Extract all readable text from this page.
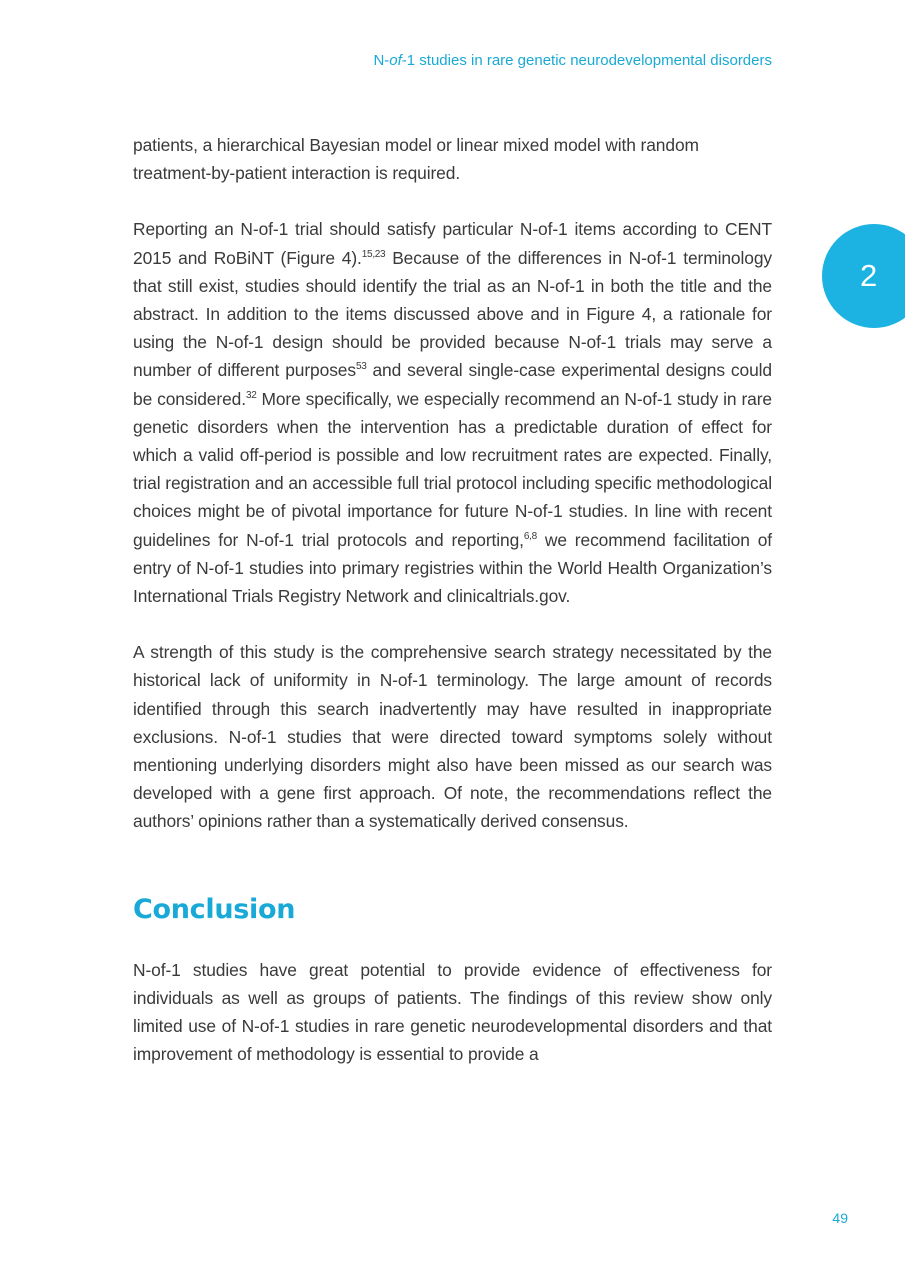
N-of-1 studies in rare genetic neurodevelopmental disorders
2

patients, a hierarchical Bayesian model or linear mixed model with random treatment-by-patient interaction is required.

Reporting an N-of-1 trial should satisfy particular N-of-1 items according to CENT 2015 and RoBiNT (Figure 4).$^{15,23}$ Because of the differences in N-of-1 terminology that still exist, studies should identify the trial as an N-of-1 in both the title and the abstract. In addition to the items discussed above and in Figure 4, a rationale for using the N-of-1 design should be provided because N-of-1 trials may serve a number of different purposes$^{53}$ and several single-case experimental designs could be considered.$^{32}$ More specifically, we especially recommend an N-of-1 study in rare genetic disorders when the intervention has a predictable duration of effect for which a valid off-period is possible and low recruitment rates are expected. Finally, trial registration and an accessible full trial protocol including specific methodological choices might be of pivotal importance for future N-of-1 studies. In line with recent guidelines for N-of-1 trial protocols and reporting,$^{6,8}$ we recommend facilitation of entry of N-of-1 studies into primary registries within the World Health Organization’s International Trials Registry Network and clinicaltrials.gov.

A strength of this study is the comprehensive search strategy necessitated by the historical lack of uniformity in N-of-1 terminology. The large amount of records identified through this search inadvertently may have resulted in inappropriate exclusions. N-of-1 studies that were directed toward symptoms solely without mentioning underlying disorders might also have been missed as our search was developed with a gene first approach. Of note, the recommendations reflect the authors’ opinions rather than a systematically derived consensus.

Conclusion

N-of-1 studies have great potential to provide evidence of effectiveness for individuals as well as groups of patients. The findings of this review show only limited use of N-of-1 studies in rare genetic neurodevelopmental disorders and that improvement of methodology is essential to provide a

49
